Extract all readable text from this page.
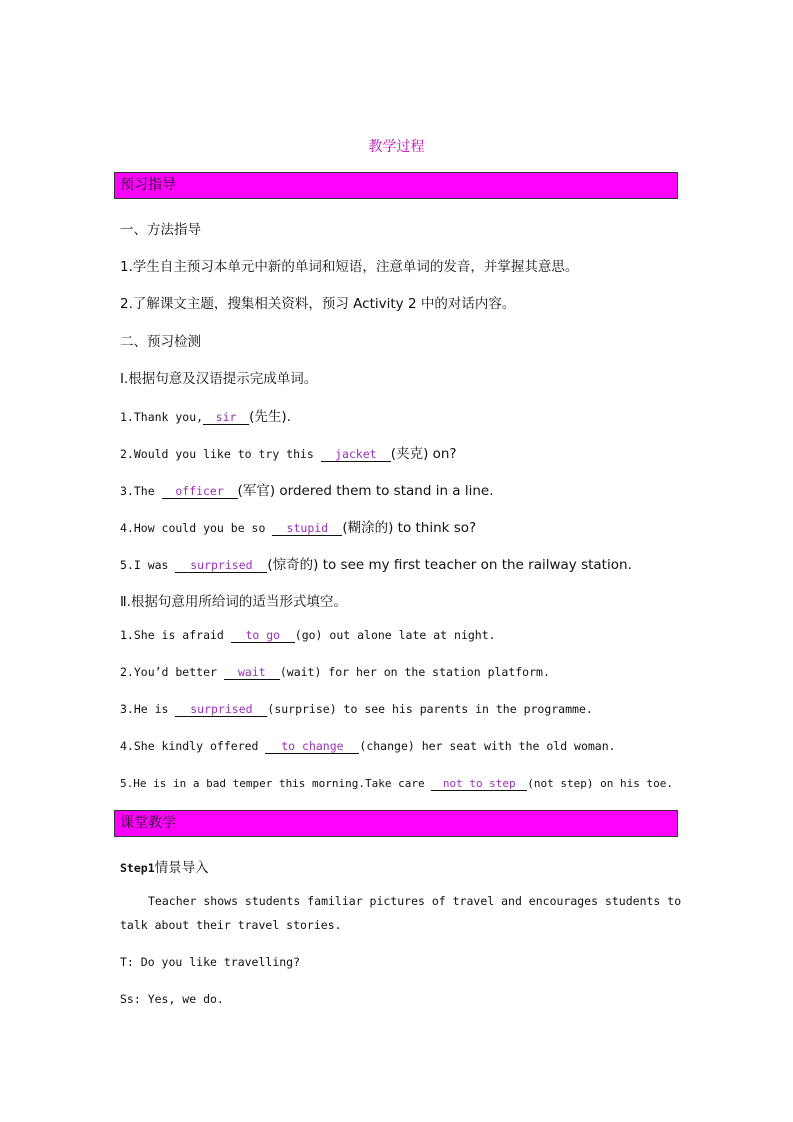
教学过程
预习指导
一、方法指导
1.学生自主预习本单元中新的单词和短语，注意单词的发音，并掌握其意思。
2.了解课文主题，搜集相关资料，预习 Activity 2 中的对话内容。
二、预习检测
Ⅰ.根据句意及汉语提示完成单词。
1.Thank you, sir (先生).
2.Would you like to try this jacket (夹克) on?
3.The officer (军官) ordered them to stand in a line.
4.How could you be so stupid (糊涂的) to think so?
5.I was surprised (惊奇的) to see my first teacher on the railway station.
Ⅱ.根据句意用所给词的适当形式填空。
1.She is afraid to go (go) out alone late at night.
2.You’d better wait (wait) for her on the station platform.
3.He is surprised (surprise) to see his parents in the programme.
4.She kindly offered to change (change) her seat with the old woman.
5.He is in a bad temper this morning.Take care not to step (not step) on his toe.
课堂教学
Step1情景导入
Teacher shows students familiar pictures of travel and encourages students to
talk about their travel stories.
T: Do you like travelling?
Ss: Yes, we do.
